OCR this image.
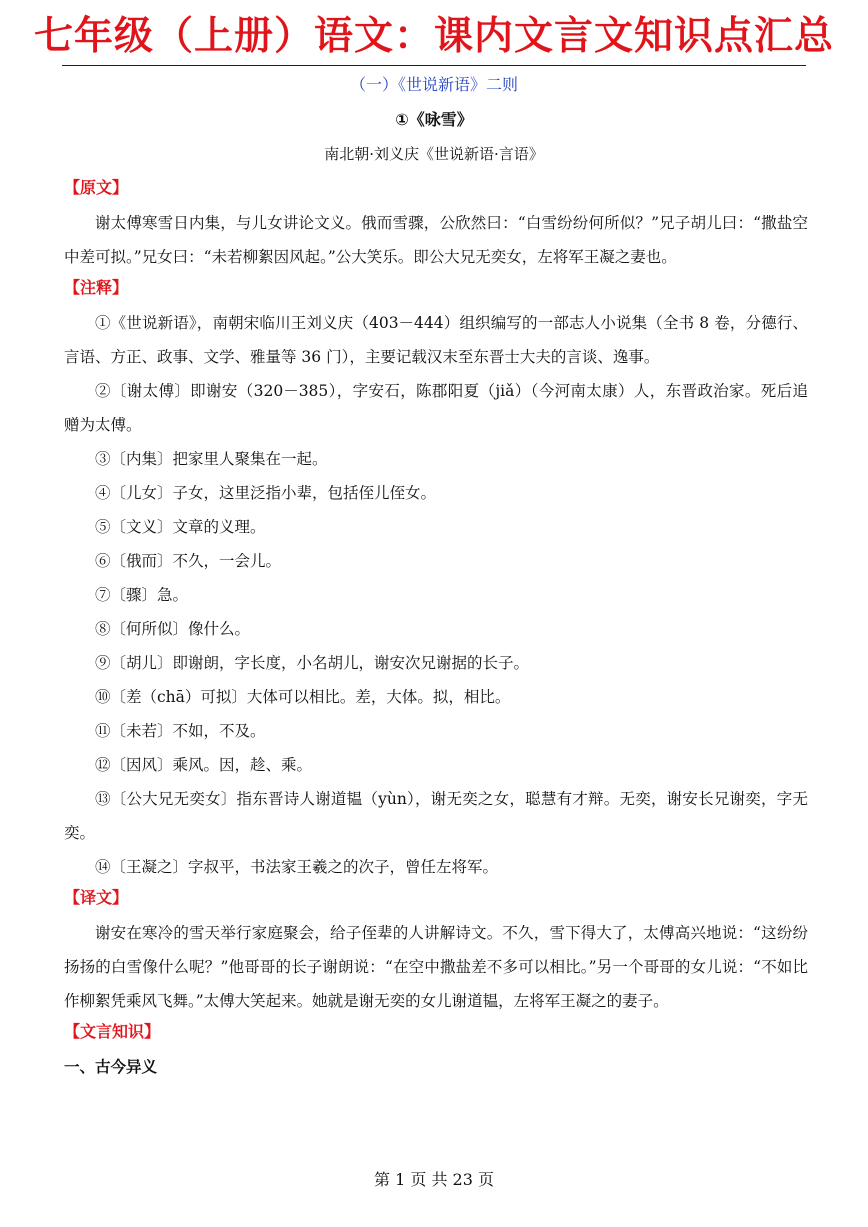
七年级（上册）语文：课内文言文知识点汇总
（一）《世说新语》二则
①《咏雪》
南北朝·刘义庆《世说新语·言语》
【原文】
谢太傅寒雪日内集，与儿女讲论文义。俄而雪骤，公欣然曰：“白雪纷纷何所似？”兄子胡儿曰：“撒盐空中差可拟。”兄女曰：“未若柳絮因风起。”公大笑乐。即公大兄无奕女，左将军王凝之妻也。
【注释】
①《世说新语》，南朝宋临川王刘义庆（403－444）组织编写的一部志人小说集（全书 8 卷，分德行、言语、方正、政事、文学、雅量等 36 门），主要记载汉末至东晋士大夫的言谈、逸事。
②〔谢太傅〕即谢安（320－385），字安石，陈郡阳夏（jiǎ）（今河南太康）人，东晋政治家。死后追赠为太傅。
③〔内集〕把家里人聚集在一起。
④〔儿女〕子女，这里泛指小辈，包括侄儿侄女。
⑤〔文义〕文章的义理。
⑥〔俄而〕不久，一会儿。
⑦〔骤〕急。
⑧〔何所似〕像什么。
⑨〔胡儿〕即谢朗，字长度，小名胡儿，谢安次兄谢据的长子。
⑩〔差（chā）可拟〕大体可以相比。差，大体。拟，相比。
⑪〔未若〕不如，不及。
⑫〔因风〕乘风。因，趁、乘。
⑬〔公大兄无奕女〕指东晋诗人谢道韫（yùn），谢无奕之女，聪慧有才辩。无奕，谢安长兄谢奕，字无奕。
⑭〔王凝之〕字叔平，书法家王羲之的次子，曾任左将军。
【译文】
谢安在寒冷的雪天举行家庭聚会，给子侄辈的人讲解诗文。不久，雪下得大了，太傅高兴地说：“这纷纷扬扬的白雪像什么呢？”他哥哥的长子谢朗说：“在空中撒盐差不多可以相比。”另一个哥哥的女儿说：“不如比作柳絮凭乘风飞舞。”太傅大笑起来。她就是谢无奕的女儿谢道韫，左将军王凝之的妻子。
【文言知识】
一、古今异义
第 1 页 共 23 页
